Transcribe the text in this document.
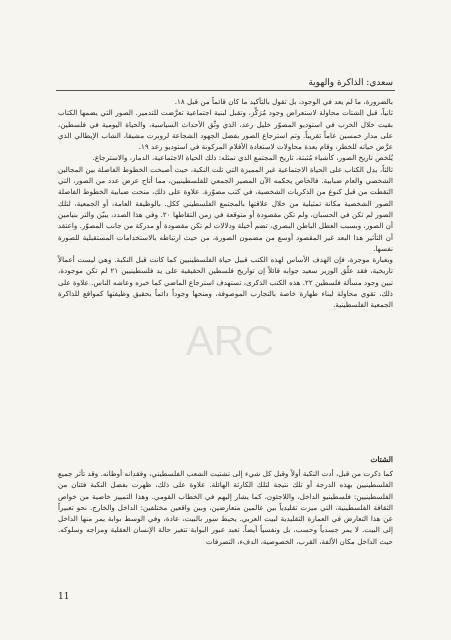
سعدي: الذاكرة والهوية

بالضرورة، ما لم يعد في الوجود، بل تقول بالتأكيد ما كان قائماً من قبل ١٨.

ثانياً، قبل الشتات محاولة لاستعراض وجود مُرَكِّز، وتقبل لبنية اجتماعية تعرَّضت للتدمير. الصور التي يضمها الكتاب بقيت خلال الحرب في استوديو المصوّر خليل رعد، الذي وثّق الأحداث السياسية، والحياة اليومية في فلسطين، على مدار خمسين عاماً تقريباً. وتم استرجاع الصور بفضل الجهود الشجاعة لروبرت مشيقا، الشاب الإيطالي الذي عرَّض حياته للخطر، وقام بعدة محاولات لاستعادة الأفلام المركونة في استوديو رعد ١٩.

يُلخص تاريخ الصور، كأشياء مُثبتة، تاريخ المجتمع الذي تمثله: ذلك الحياة الاجتماعية، الدمار، والاسترجاع.

ثالثاً، يدل الكتاب على الحياة الاجتماعية غير المميزة التي تلت النكبة، حيث أصبحت الخطوط الفاصلة بين المجالين الشخصي والعام ضبابية. فالخاص يحكمه الآن المصير الجمعي للفلسطينيين، مما أتاح عرض عدد من الصور، التي التقطت من قبل كنوع من الذكريات الشخصية، في كتب مصوّرة. علاوة على ذلك، منحت ضبابية الخطوط الفاصلة الصور الشخصية مكانة تمثيلية من خلال علاقتها بالمجتمع الفلسطيني ككل. بالوظيفة العامة، أو الجمعية، لتلك الصور لم تكن في الحسبان، ولم تكن مقصودة أو متوقعة في زمن التقاطها ٢٠. وفي هذا الصدد، يبيّن والتر بنيامين أن الصور، وبسبب العطل الباطن البصري، تضم أخيلة ودلالات لم تكن مقصودة أو مدركة من جانب المصوّر. واعتقد أن التأثير هذا البعد غير المقصود أوسع من مضمون الصورة، من حيث ارتباطه بالاستخدامات المستقبلية للصورة نفسها.

وبعبارة موجزة، فإن الهدف الأساس لهذه الكتب قبيل حياة الفلسطينيين كما كانت قبل النكبة. وهي ليست أعمالاً تاريخية، فقد علّق الوزير سعيد جوابه قائلاً إن تواريخ فلسطين الحقيقية على يد فلسطينيين ٢١ لم تكن موجودة، تبين وجود مسألة فلسطين ٢٢. هذه الكتب الذكرى، تستهدف استرجاع الماضي كما خبره وعاشه الناس. علاوة على ذلك، تقوي محاولة لبناء طهارة خاصة بالتجارب الموصوفة، ومنحها وجوداً دائماً بحقيق وظيفتها كمواقع للذاكرة الجمعية الفلسطينية.

الشتات

كما ذكرت من قبل، أدت النكبة أولاً وقبل كل شيء إلى تشتيت الشعب الفلسطيني، وفقدانه أوطانه. وقد تأثر جميع الفلسطينيين بهذه الدرجة أو تلك نتيجة لتلك الكارثة الهائلة. علاوة على ذلك، ظهرت بفضل النكبة فئتان من الفلسطينيين: فلسطينيو الداخل، واللاجئون، كما يشار إليهم في الخطاب القومي. وهذا التمييز خاصية من خواص الثقافة الفلسطينية، التي ميزت تقليدياً بين عالمين متعارضين، وبين واقعين مختلفين: الداخل والخارج. نحو تعبيراً عن هذا التعارض في العمارة التقليدية لبيت العربي. يحيط سور بالبيت، عادة، وفي الوسط بوابة يمر منها الداخل إلى البيت. لا يمر جسدياً وحسب، بل ونفسياً أيضاً. تعبد عبور البوابة تتغير حالة الإنسان العقلية ومزاجه وسلوكه. حيث الداخل مكان الألفة، القرب، الخصوصية، الدفء، التصرفات

ARC
11
